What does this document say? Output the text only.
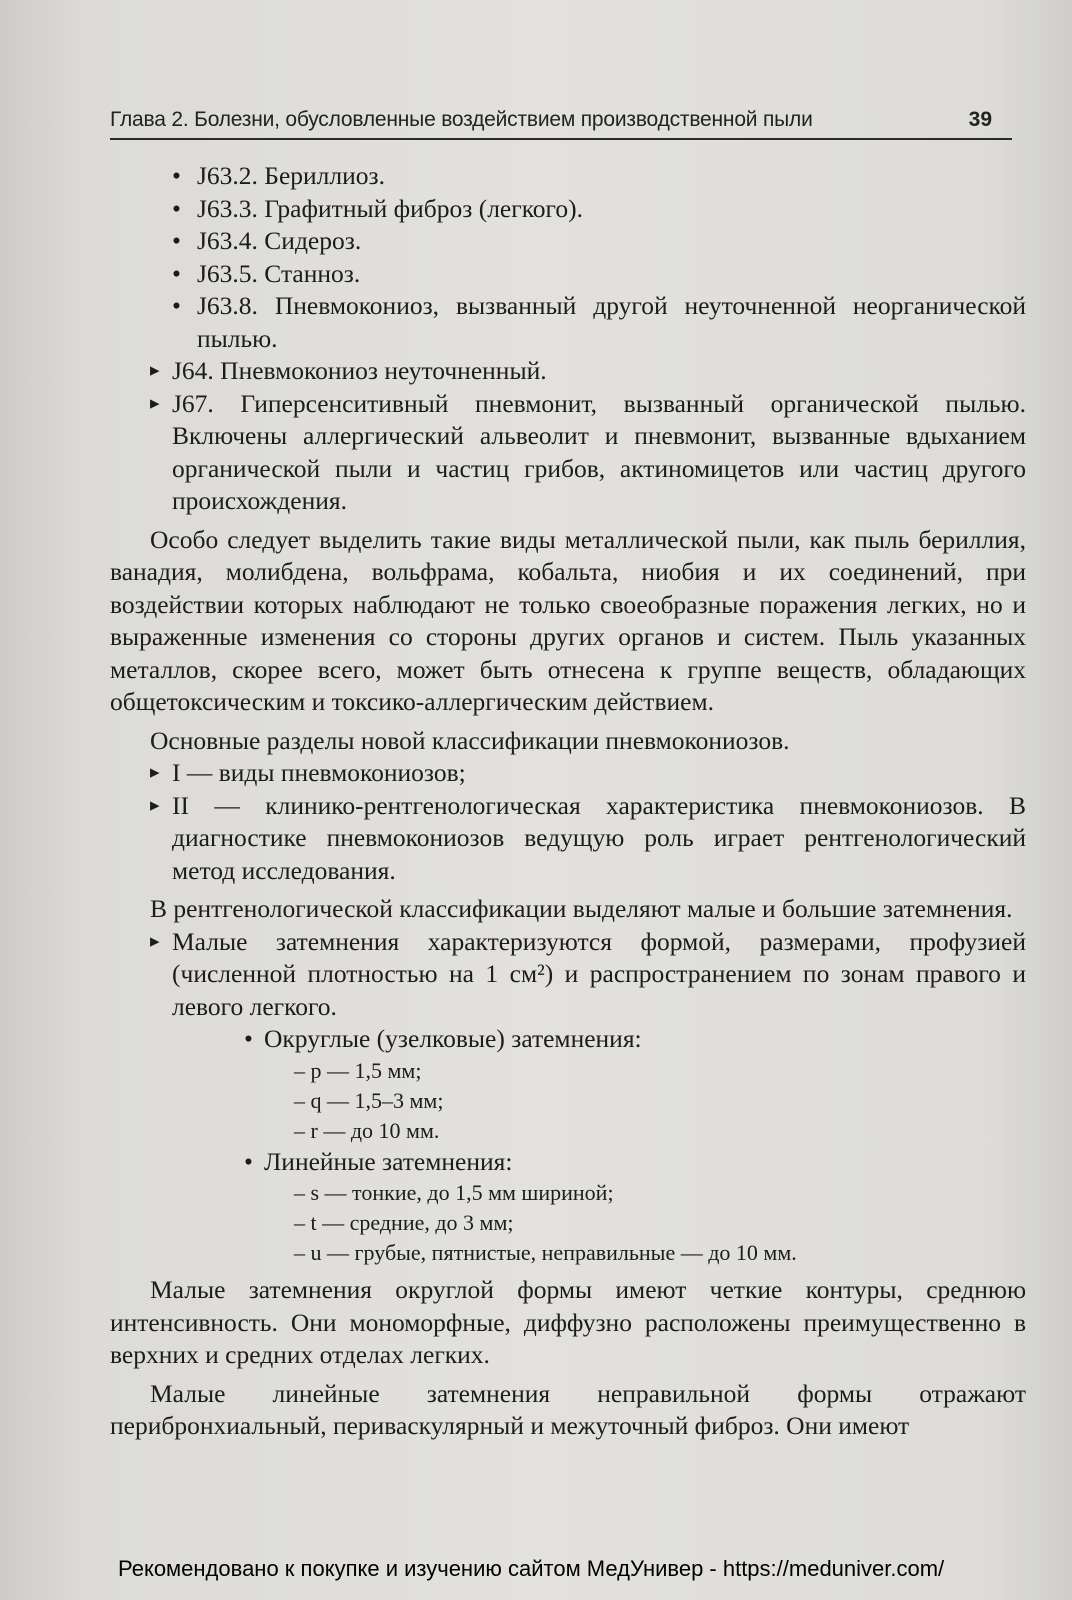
Глава 2. Болезни, обусловленные воздействием производственной пыли	39
• J63.2. Бериллиоз.
• J63.3. Графитный фиброз (легкого).
• J63.4. Сидероз.
• J63.5. Станноз.
• J63.8. Пневмокониоз, вызванный другой неуточненной неорганической пылью.
▸ J64. Пневмокониоз неуточненный.
▸ J67. Гиперсенситивный пневмонит, вызванный органической пылью. Включены аллергический альвеолит и пневмонит, вызванные вдыханием органической пыли и частиц грибов, актиномицетов или частиц другого происхождения.

Особо следует выделить такие виды металлической пыли, как пыль бериллия, ванадия, молибдена, вольфрама, кобальта, ниобия и их соединений, при воздействии которых наблюдают не только своеобразные поражения легких, но и выраженные изменения со стороны других органов и систем. Пыль указанных металлов, скорее всего, может быть отнесена к группе веществ, обладающих общетоксическим и токсико-аллергическим действием.

Основные разделы новой классификации пневмокониозов.

▸ I — виды пневмокониозов;
▸ II — клинико-рентгенологическая характеристика пневмокониозов. В диагностике пневмокониозов ведущую роль играет рентгенологический метод исследования.

В рентгенологической классификации выделяют малые и большие затемнения.

▸ Малые затемнения характеризуются формой, размерами, профузией (численной плотностью на 1 см²) и распространением по зонам правого и левого легкого.
• Округлые (узелковые) затемнения:
– p — 1,5 мм;
– q — 1,5–3 мм;
– r — до 10 мм.
• Линейные затемнения:
– s — тонкие, до 1,5 мм шириной;
– t — средние, до 3 мм;
– u — грубые, пятнистые, неправильные — до 10 мм.

Малые затемнения округлой формы имеют четкие контуры, среднюю интенсивность. Они мономорфные, диффузно расположены преимущественно в верхних и средних отделах легких.

Малые линейные затемнения неправильной формы отражают перибронхиальный, периваскулярный и межуточный фиброз. Они имеют

Рекомендовано к покупке и изучению сайтом МедУнивер - https://meduniver.com/
